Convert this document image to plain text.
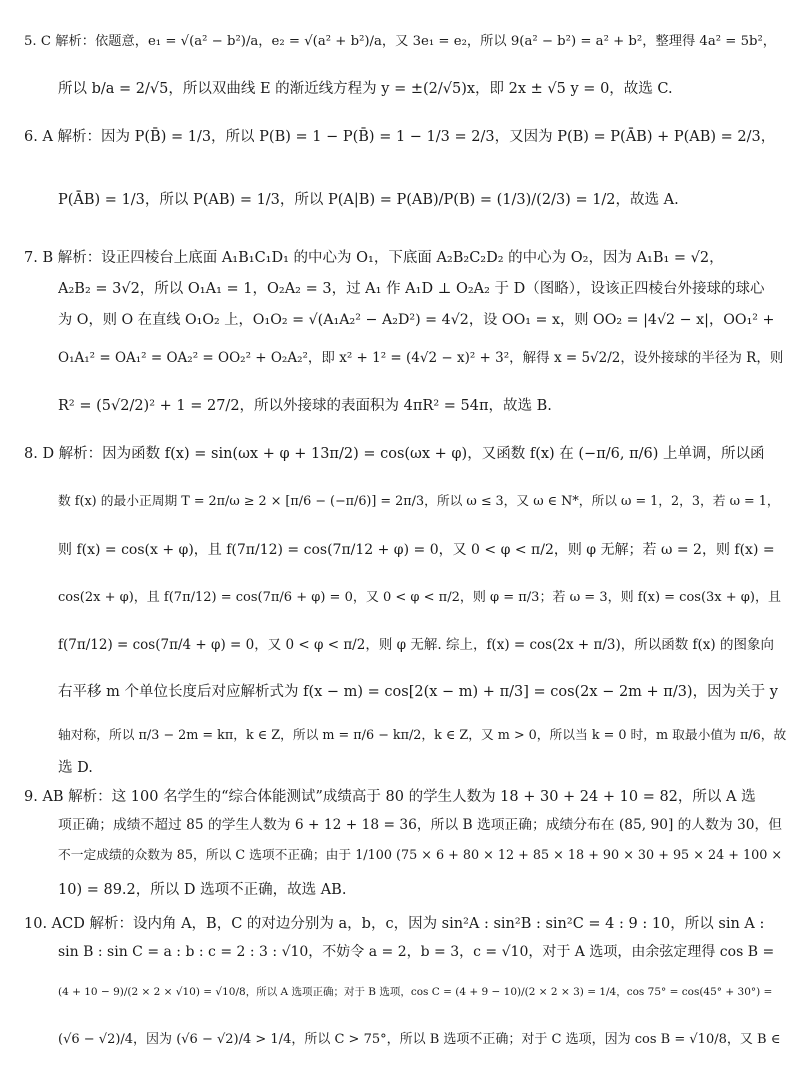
5. C 解析：依题意，e₁ = √(a² − b²)/a，e₂ = √(a² + b²)/a，又 3e₁ = e₂，所以 9(a² − b²) = a² + b²，整理得 4a² = 5b²，
所以 b/a = 2/√5，所以双曲线 E 的渐近线方程为 y = ±(2/√5)x，即 2x ± √5 y = 0，故选 C.
6. A 解析：因为 P(B̄) = 1/3，所以 P(B) = 1 − P(B̄) = 1 − 1/3 = 2/3，又因为 P(B) = P(ĀB) + P(AB) = 2/3，
P(ĀB) = 1/3，所以 P(AB) = 1/3，所以 P(A|B) = P(AB)/P(B) = (1/3)/(2/3) = 1/2，故选 A.
7. B 解析：设正四棱台上底面 A₁B₁C₁D₁ 的中心为 O₁，下底面 A₂B₂C₂D₂ 的中心为 O₂，因为 A₁B₁ = √2，
A₂B₂ = 3√2，所以 O₁A₁ = 1，O₂A₂ = 3，过 A₁ 作 A₁D ⊥ O₂A₂ 于 D（图略），设该正四棱台外接球的球心
为 O，则 O 在直线 O₁O₂ 上，O₁O₂ = √(A₁A₂² − A₂D²) = 4√2，设 OO₁ = x，则 OO₂ = |4√2 − x|，OO₁² +
O₁A₁² = OA₁² = OA₂² = OO₂² + O₂A₂²，即 x² + 1² = (4√2 − x)² + 3²，解得 x = 5√2/2，设外接球的半径为 R，则
R² = (5√2/2)² + 1 = 27/2，所以外接球的表面积为 4πR² = 54π，故选 B.
8. D 解析：因为函数 f(x) = sin(ωx + φ + 13π/2) = cos(ωx + φ)，又函数 f(x) 在 (−π/6, π/6) 上单调，所以函
数 f(x) 的最小正周期 T = 2π/ω ≥ 2 × [π/6 − (−π/6)] = 2π/3，所以 ω ≤ 3，又 ω ∈ N*，所以 ω = 1，2，3，若 ω = 1，
则 f(x) = cos(x + φ)，且 f(7π/12) = cos(7π/12 + φ) = 0，又 0 < φ < π/2，则 φ 无解；若 ω = 2，则 f(x) =
cos(2x + φ)，且 f(7π/12) = cos(7π/6 + φ) = 0，又 0 < φ < π/2，则 φ = π/3；若 ω = 3，则 f(x) = cos(3x + φ)，且
f(7π/12) = cos(7π/4 + φ) = 0，又 0 < φ < π/2，则 φ 无解. 综上，f(x) = cos(2x + π/3)，所以函数 f(x) 的图象向
右平移 m 个单位长度后对应解析式为 f(x − m) = cos[2(x − m) + π/3] = cos(2x − 2m + π/3)，因为关于 y
轴对称，所以 π/3 − 2m = kπ，k ∈ Z，所以 m = π/6 − kπ/2，k ∈ Z，又 m > 0，所以当 k = 0 时，m 取最小值为 π/6，故
选 D.
9. AB 解析：这 100 名学生的“综合体能测试”成绩高于 80 的学生人数为 18 + 30 + 24 + 10 = 82，所以 A 选
项正确；成绩不超过 85 的学生人数为 6 + 12 + 18 = 36，所以 B 选项正确；成绩分布在 (85, 90] 的人数为 30，但
不一定成绩的众数为 85，所以 C 选项不正确；由于 1/100 (75 × 6 + 80 × 12 + 85 × 18 + 90 × 30 + 95 × 24 + 100 ×
10) = 89.2，所以 D 选项不正确，故选 AB.
10. ACD 解析：设内角 A，B，C 的对边分别为 a，b，c，因为 sin²A : sin²B : sin²C = 4 : 9 : 10，所以 sin A :
sin B : sin C = a : b : c = 2 : 3 : √10，不妨令 a = 2，b = 3，c = √10，对于 A 选项，由余弦定理得 cos B =
(4 + 10 − 9)/(2 × 2 × √10) = √10/8，所以 A 选项正确；对于 B 选项，cos C = (4 + 9 − 10)/(2 × 2 × 3) = 1/4，cos 75° = cos(45° + 30°) =
(√6 − √2)/4，因为 (√6 − √2)/4 > 1/4，所以 C > 75°，所以 B 选项不正确；对于 C 选项，因为 cos B = √10/8，又 B ∈
